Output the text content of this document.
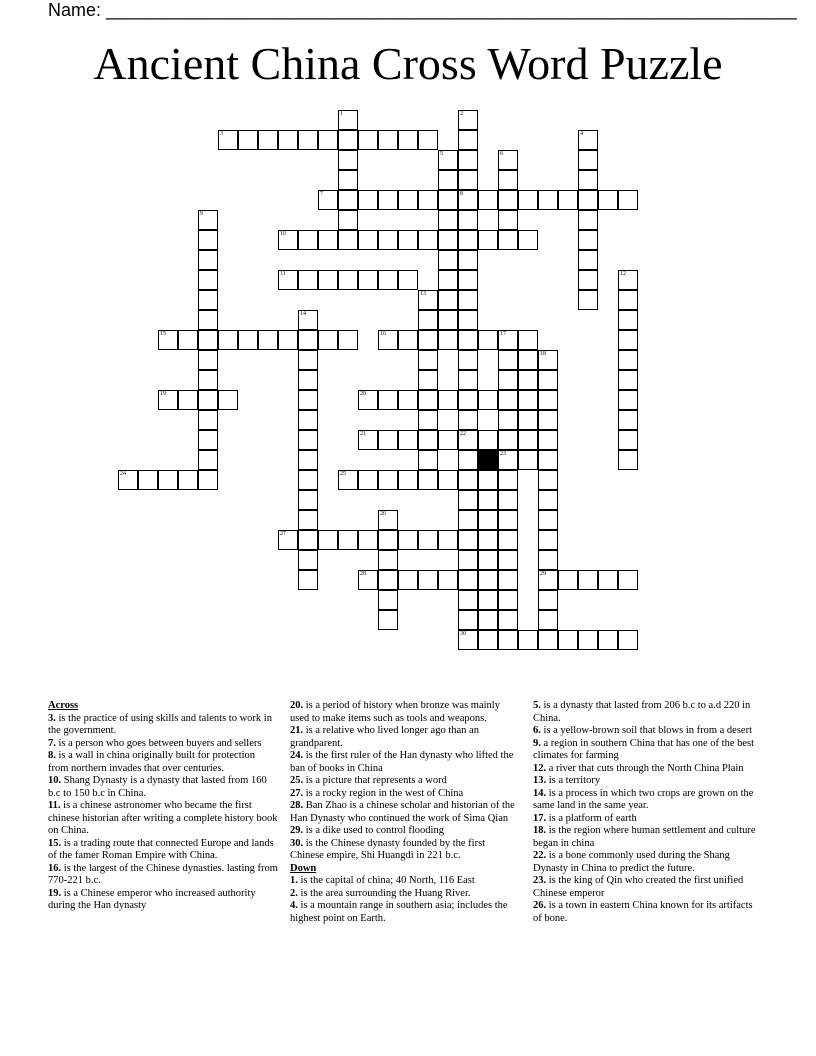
Name: _____________________________________________________________________
Ancient China Cross Word Puzzle
1	2
3	4
5	6
7	8
9
10
11	12
13
14
15	16	17
18
19	20
21	22
23
24	25
26
27
28	29
30
Across
3. is the practice of using skills and talents to work in the government.
7. is a person who goes between buyers and sellers
8. is a wall in china originally built for protection from northern invades that over centuries.
10. Shang Dynasty is a dynasty that lasted from 160 b.c to 150 b.c in China.
11. is a chinese astronomer who became the first chinese historian after writing a complete history book on China.
15. is a trading route that connected Europe and lands of the famer Roman Empire with China.
16. is the largest of the Chinese dynasties. lasting from 770-221 b.c.
19. is a Chinese emperor who increased authority during the Han dynasty
20. is a period of history when bronze was mainly used to make items such as tools and weapons.
21. is a relative who lived longer ago than an grandparent.
24. is the first ruler of the Han dynasty who lifted the ban of books in China
25. is a picture that represents a word
27. is a rocky region in the west of China
28. Ban Zhao is a chinese scholar and historian of the Han Dynasty who continued the work of Sima Qian
29. is a dike used to control flooding
30. is the Chinese dynasty founded by the first Chinese empire, Shi Huangdi in 221 b.c.
Down
1. is the capital of china; 40 North, 116 East
2. is the area surrounding the Huang River.
4. is a mountain range in southern asia; includes the highest point on Earth.
5. is a dynasty that lasted from 206 b.c to a.d 220 in China.
6. is a yellow-brown soil that blows in from a desert
9. a region in southern China that has one of the best climates for farming
12. a river that cuts through the North China Plain
13. is a territory
14. is a process in which two crops are grown on the same land in the same year.
17. is a platform of earth
18. is the region where human settlement and culture began in china
22. is a bone commonly used during the Shang Dynasty in China to predict the future.
23. is the king of Qin who created the first unified Chinese emperor
26. is a town in eastern China known for its artifacts of bone.
